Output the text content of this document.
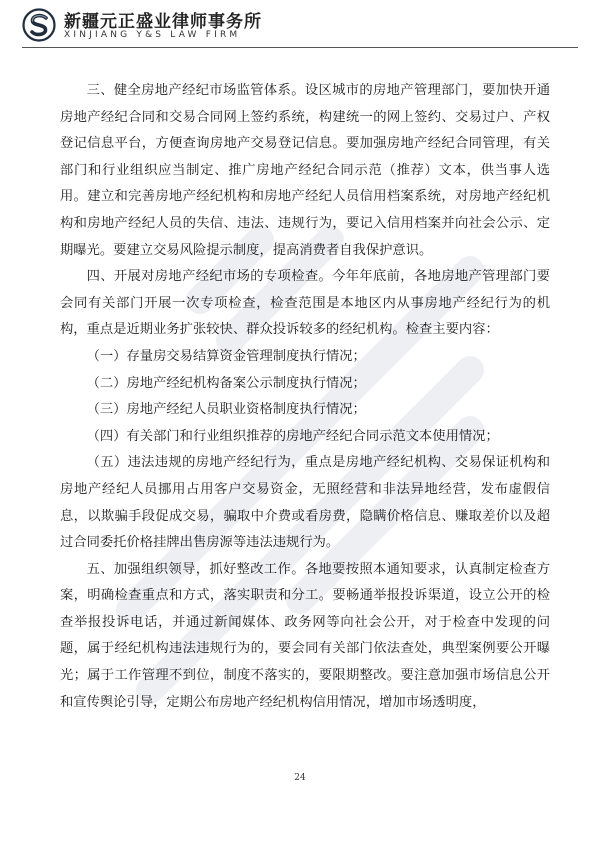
新疆元正盛业律师事务所
XINJIANG Y&S LAW FIRM

三、健全房地产经纪市场监管体系。设区城市的房地产管理部门，要加快开通房地产经纪合同和交易合同网上签约系统，构建统一的网上签约、交易过户、产权登记信息平台，方便查询房地产交易登记信息。要加强房地产经纪合同管理，有关部门和行业组织应当制定、推广房地产经纪合同示范（推荐）文本，供当事人选用。建立和完善房地产经纪机构和房地产经纪人员信用档案系统，对房地产经纪机构和房地产经纪人员的失信、违法、违规行为，要记入信用档案并向社会公示、定期曝光。要建立交易风险提示制度，提高消费者自我保护意识。

四、开展对房地产经纪市场的专项检查。今年年底前，各地房地产管理部门要会同有关部门开展一次专项检查，检查范围是本地区内从事房地产经纪行为的机构，重点是近期业务扩张较快、群众投诉较多的经纪机构。检查主要内容：

（一）存量房交易结算资金管理制度执行情况；

（二）房地产经纪机构备案公示制度执行情况；

（三）房地产经纪人员职业资格制度执行情况；

（四）有关部门和行业组织推荐的房地产经纪合同示范文本使用情况；

（五）违法违规的房地产经纪行为，重点是房地产经纪机构、交易保证机构和房地产经纪人员挪用占用客户交易资金，无照经营和非法异地经营，发布虚假信息，以欺骗手段促成交易，骗取中介费或看房费，隐瞒价格信息、赚取差价以及超过合同委托价格挂牌出售房源等违法违规行为。

五、加强组织领导，抓好整改工作。各地要按照本通知要求，认真制定检查方案，明确检查重点和方式，落实职责和分工。要畅通举报投诉渠道，设立公开的检查举报投诉电话，并通过新闻媒体、政务网等向社会公开，对于检查中发现的问题，属于经纪机构违法违规行为的，要会同有关部门依法查处，典型案例要公开曝光；属于工作管理不到位，制度不落实的，要限期整改。要注意加强市场信息公开和宣传舆论引导，定期公布房地产经纪机构信用情况，增加市场透明度，

24
